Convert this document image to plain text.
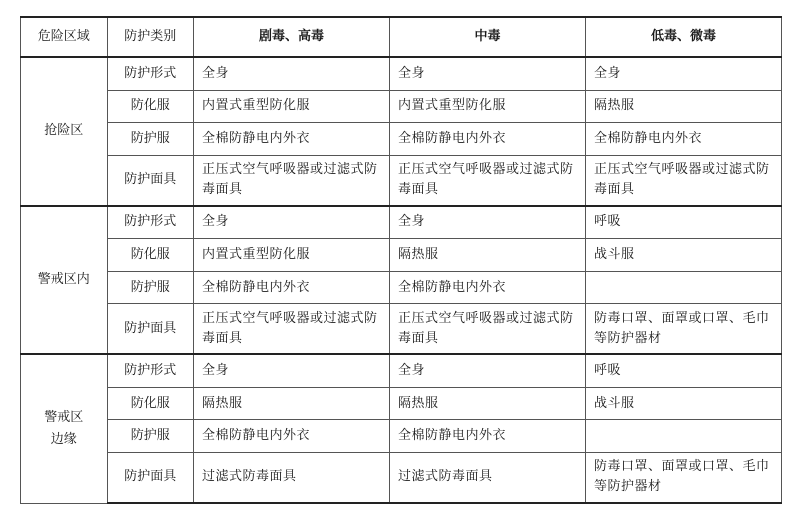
危险区域	防护类别	剧毒、高毒	中毒	低毒、微毒
抢险区	防护形式	全身	全身	全身
	防化服	内置式重型防化服	内置式重型防化服	隔热服
	防护服	全棉防静电内外衣	全棉防静电内外衣	全棉防静电内外衣
	防护面具	正压式空气呼吸器或过滤式防毒面具	正压式空气呼吸器或过滤式防毒面具	正压式空气呼吸器或过滤式防毒面具
警戒区内	防护形式	全身	全身	呼吸
	防化服	内置式重型防化服	隔热服	战斗服
	防护服	全棉防静电内外衣	全棉防静电内外衣	
	防护面具	正压式空气呼吸器或过滤式防毒面具	正压式空气呼吸器或过滤式防毒面具	防毒口罩、面罩或口罩、毛巾等防护器材
警戒区
边缘	防护形式	全身	全身	呼吸
	防化服	隔热服	隔热服	战斗服
	防护服	全棉防静电内外衣	全棉防静电内外衣	
	防护面具	过滤式防毒面具	过滤式防毒面具	防毒口罩、面罩或口罩、毛巾等防护器材
